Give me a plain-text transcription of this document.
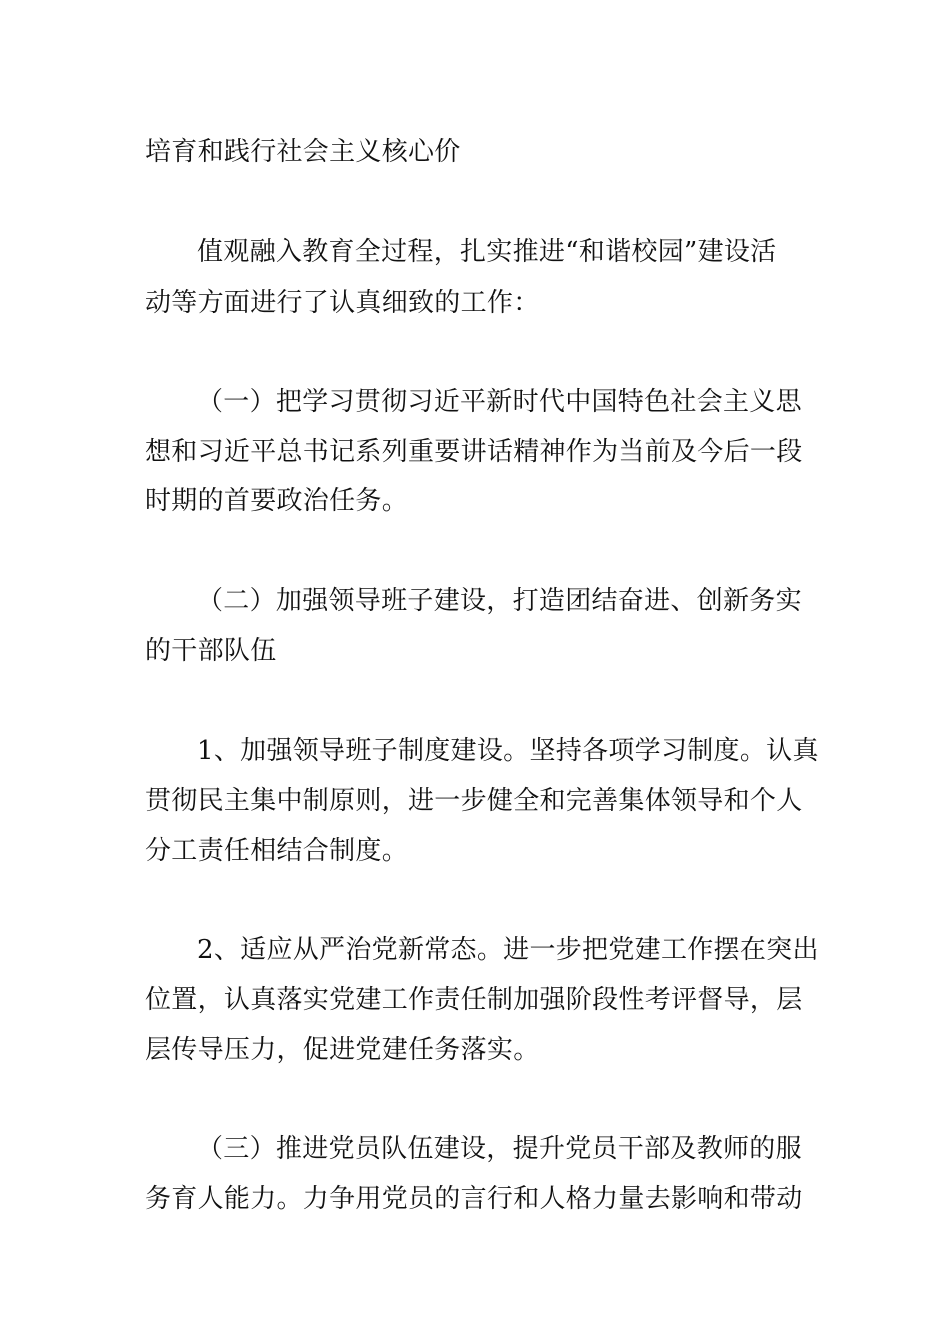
培育和践行社会主义核心价
值观融入教育全过程，扎实推进“和谐校园”建设活
动等方面进行了认真细致的工作：
（一）把学习贯彻习近平新时代中国特色社会主义思
想和习近平总书记系列重要讲话精神作为当前及今后一段
时期的首要政治任务。
（二）加强领导班子建设，打造团结奋进、创新务实
的干部队伍
1、加强领导班子制度建设。坚持各项学习制度。认真
贯彻民主集中制原则，进一步健全和完善集体领导和个人
分工责任相结合制度。
2、适应从严治党新常态。进一步把党建工作摆在突出
位置，认真落实党建工作责任制加强阶段性考评督导，层
层传导压力，促进党建任务落实。
（三）推进党员队伍建设，提升党员干部及教师的服
务育人能力。力争用党员的言行和人格力量去影响和带动
